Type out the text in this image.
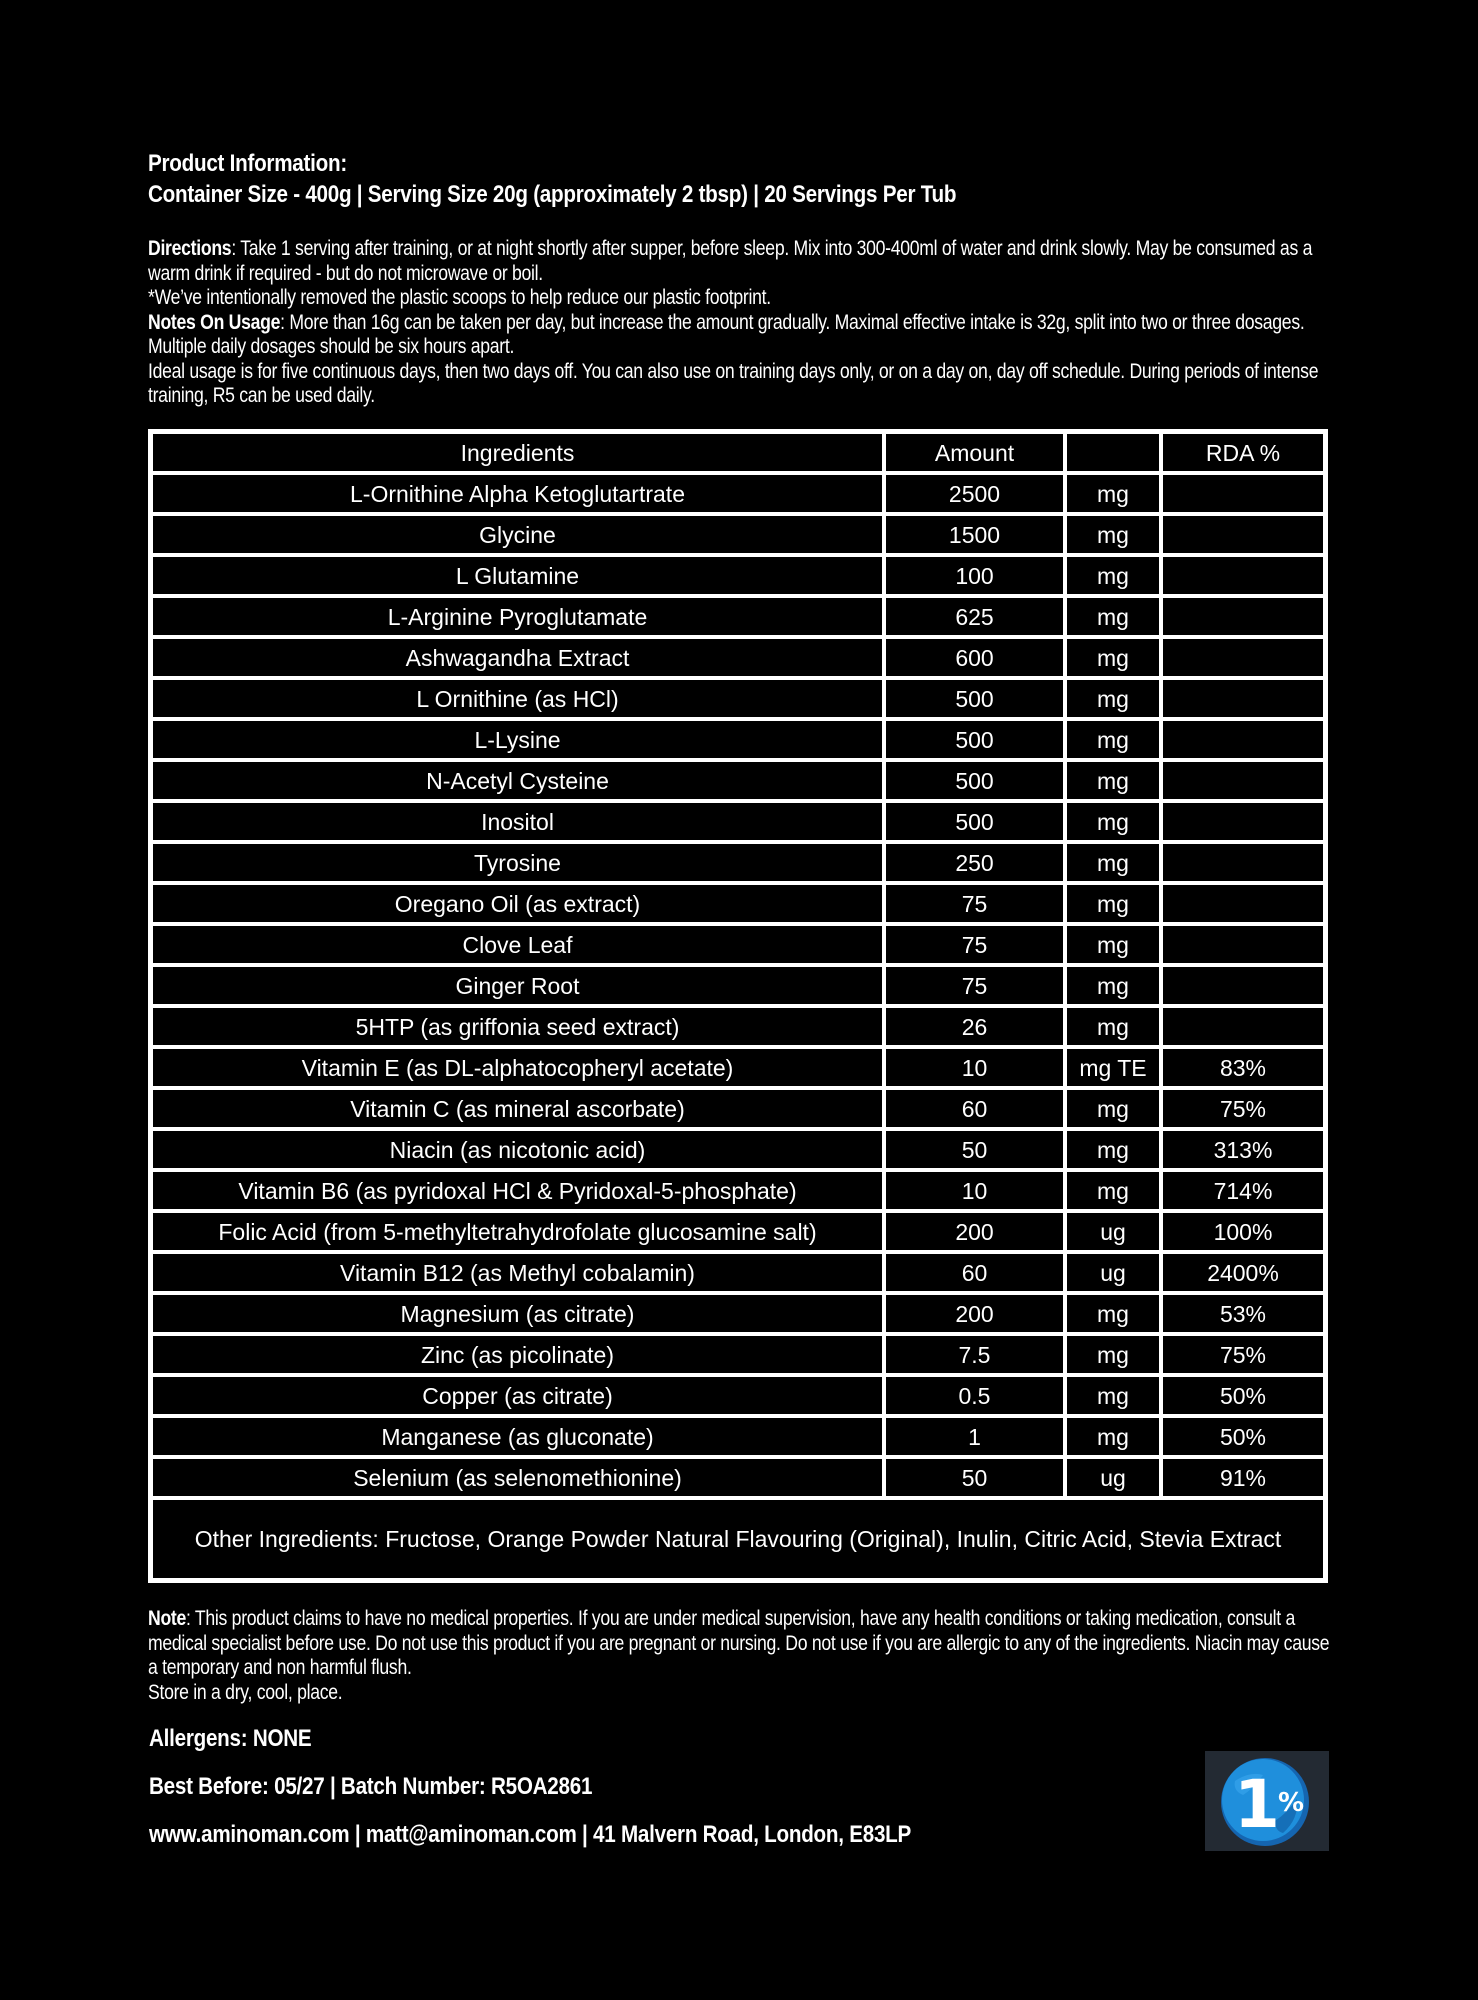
Product Information:
Container Size - 400g | Serving Size 20g (approximately 2 tbsp) | 20 Servings Per Tub
Directions: Take 1 serving after training, or at night shortly after supper, before sleep. Mix into 300-400ml of water and drink slowly. May be consumed as a warm drink if required - but do not microwave or boil.
*We’ve intentionally removed the plastic scoops to help reduce our plastic footprint.
Notes On Usage: More than 16g can be taken per day, but increase the amount gradually. Maximal effective intake is 32g, split into two or three dosages. Multiple daily dosages should be six hours apart.
Ideal usage is for five continuous days, then two days off. You can also use on training days only, or on a day on, day off schedule. During periods of intense training, R5 can be used daily.
Ingredients	Amount		RDA %
L-Ornithine Alpha Ketoglutartrate	2500	mg	
Glycine	1500	mg	
L Glutamine	100	mg	
L-Arginine Pyroglutamate	625	mg	
Ashwagandha Extract	600	mg	
L Ornithine (as HCl)	500	mg	
L-Lysine	500	mg	
N-Acetyl Cysteine	500	mg	
Inositol	500	mg	
Tyrosine	250	mg	
Oregano Oil (as extract)	75	mg	
Clove Leaf	75	mg	
Ginger Root	75	mg	
5HTP (as griffonia seed extract)	26	mg	
Vitamin E (as DL-alphatocopheryl acetate)	10	mg TE	83%
Vitamin C (as mineral ascorbate)	60	mg	75%
Niacin (as nicotonic acid)	50	mg	313%
Vitamin B6 (as pyridoxal HCl & Pyridoxal-5-phosphate)	10	mg	714%
Folic Acid (from 5-methyltetrahydrofolate glucosamine salt)	200	ug	100%
Vitamin B12 (as Methyl cobalamin)	60	ug	2400%
Magnesium (as citrate)	200	mg	53%
Zinc (as picolinate)	7.5	mg	75%
Copper (as citrate)	0.5	mg	50%
Manganese (as gluconate)	1	mg	50%
Selenium (as selenomethionine)	50	ug	91%
Other Ingredients: Fructose, Orange Powder Natural Flavouring (Original), Inulin, Citric Acid, Stevia Extract			
Note: This product claims to have no medical properties. If you are under medical supervision, have any health conditions or taking medication, consult a medical specialist before use. Do not use this product if you are pregnant or nursing. Do not use if you are allergic to any of the ingredients. Niacin may cause a temporary and non harmful flush.
Store in a dry, cool, place.
Allergens: NONE
Best Before: 05/27 | Batch Number: R5OA2861
www.aminoman.com | matt@aminoman.com | 41 Malvern Road, London, E83LP	1
%
